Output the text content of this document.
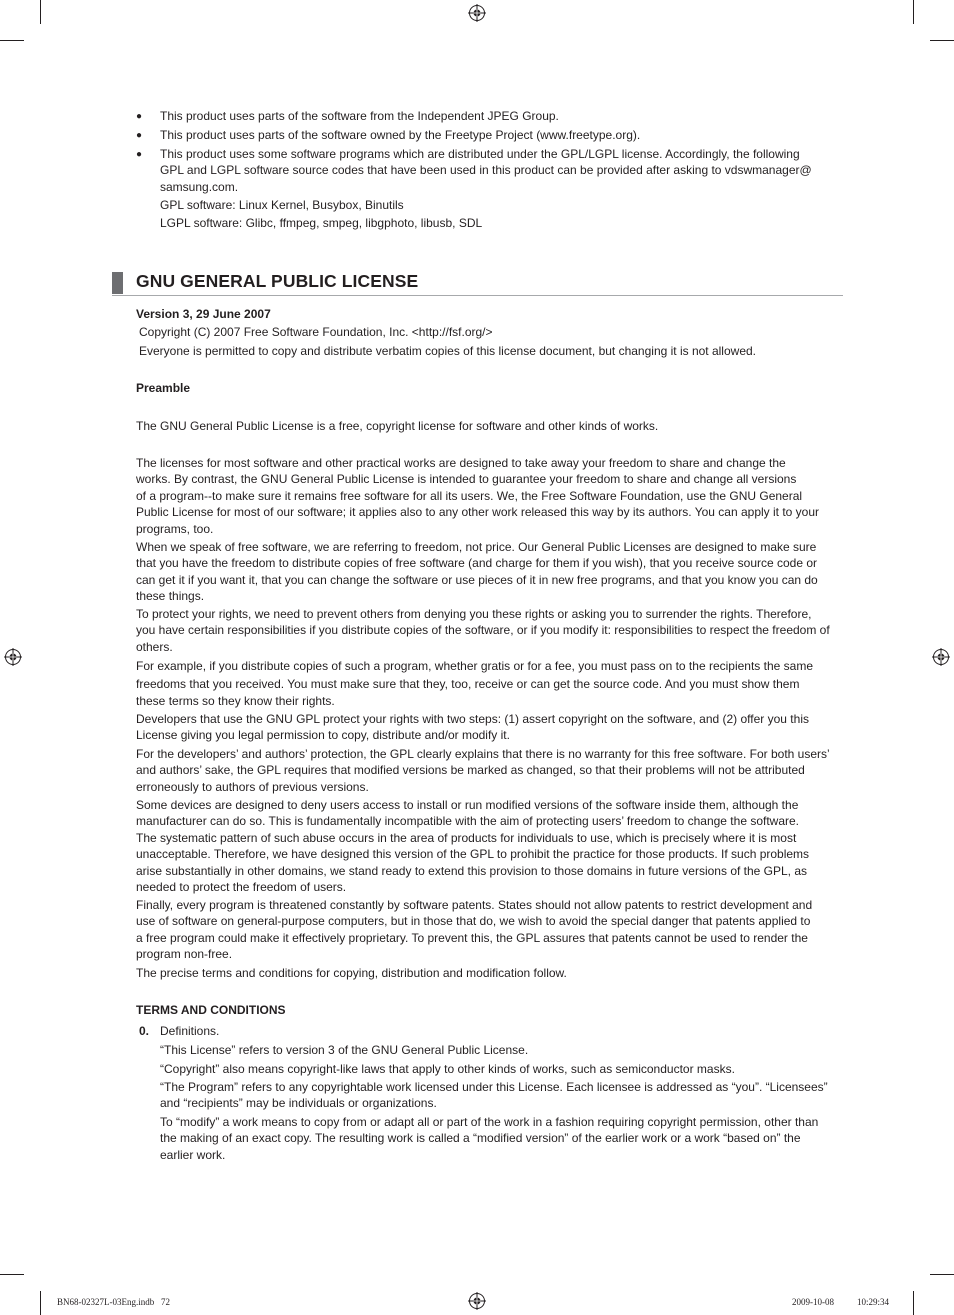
● This product uses parts of the software from the Independent JPEG Group.
● This product uses parts of the software owned by the Freetype Project (www.freetype.org).
● This product uses some software programs which are distributed under the GPL/LGPL license. Accordingly, the following
GPL and LGPL software source codes that have been used in this product can be provided after asking to vdswmanager@
samsung.com.
GPL software: Linux Kernel, Busybox, Binutils
LGPL software: Glibc, ffmpeg, smpeg, libgphoto, libusb, SDL
GNU GENERAL PUBLIC LICENSE
Version 3, 29 June 2007
Copyright (C) 2007 Free Software Foundation, Inc. <http://fsf.org/>
Everyone is permitted to copy and distribute verbatim copies of this license document, but changing it is not allowed.
Preamble
The GNU General Public License is a free, copyright license for software and other kinds of works.
The licenses for most software and other practical works are designed to take away your freedom to share and change the
works. By contrast, the GNU General Public License is intended to guarantee your freedom to share and change all versions
of a program--to make sure it remains free software for all its users. We, the Free Software Foundation, use the GNU General
Public License for most of our software; it applies also to any other work released this way by its authors. You can apply it to your
programs, too.
When we speak of free software, we are referring to freedom, not price. Our General Public Licenses are designed to make sure
that you have the freedom to distribute copies of free software (and charge for them if you wish), that you receive source code or
can get it if you want it, that you can change the software or use pieces of it in new free programs, and that you know you can do
these things.
To protect your rights, we need to prevent others from denying you these rights or asking you to surrender the rights. Therefore,
you have certain responsibilities if you distribute copies of the software, or if you modify it: responsibilities to respect the freedom of
others.
For example, if you distribute copies of such a program, whether gratis or for a fee, you must pass on to the recipients the same
freedoms that you received. You must make sure that they, too, receive or can get the source code. And you must show them
these terms so they know their rights.
Developers that use the GNU GPL protect your rights with two steps: (1) assert copyright on the software, and (2) offer you this
License giving you legal permission to copy, distribute and/or modify it.
For the developers’ and authors’ protection, the GPL clearly explains that there is no warranty for this free software. For both users’
and authors’ sake, the GPL requires that modified versions be marked as changed, so that their problems will not be attributed
erroneously to authors of previous versions.
Some devices are designed to deny users access to install or run modified versions of the software inside them, although the
manufacturer can do so. This is fundamentally incompatible with the aim of protecting users’ freedom to change the software.
The systematic pattern of such abuse occurs in the area of products for individuals to use, which is precisely where it is most
unacceptable. Therefore, we have designed this version of the GPL to prohibit the practice for those products. If such problems
arise substantially in other domains, we stand ready to extend this provision to those domains in future versions of the GPL, as
needed to protect the freedom of users.
Finally, every program is threatened constantly by software patents. States should not allow patents to restrict development and
use of software on general-purpose computers, but in those that do, we wish to avoid the special danger that patents applied to
a free program could make it effectively proprietary. To prevent this, the GPL assures that patents cannot be used to render the
program non-free.
The precise terms and conditions for copying, distribution and modification follow.
TERMS AND CONDITIONS
0. Definitions.
“This License” refers to version 3 of the GNU General Public License.
“Copyright” also means copyright-like laws that apply to other kinds of works, such as semiconductor masks.
“The Program” refers to any copyrightable work licensed under this License. Each licensee is addressed as “you”. “Licensees”
and “recipients” may be individuals or organizations.
To “modify” a work means to copy from or adapt all or part of the work in a fashion requiring copyright permission, other than
the making of an exact copy. The resulting work is called a “modified version” of the earlier work or a work “based on” the
earlier work.
BN68-02327L-03Eng.indb   72	2009-10-08   ￿￿ 10:29:34
